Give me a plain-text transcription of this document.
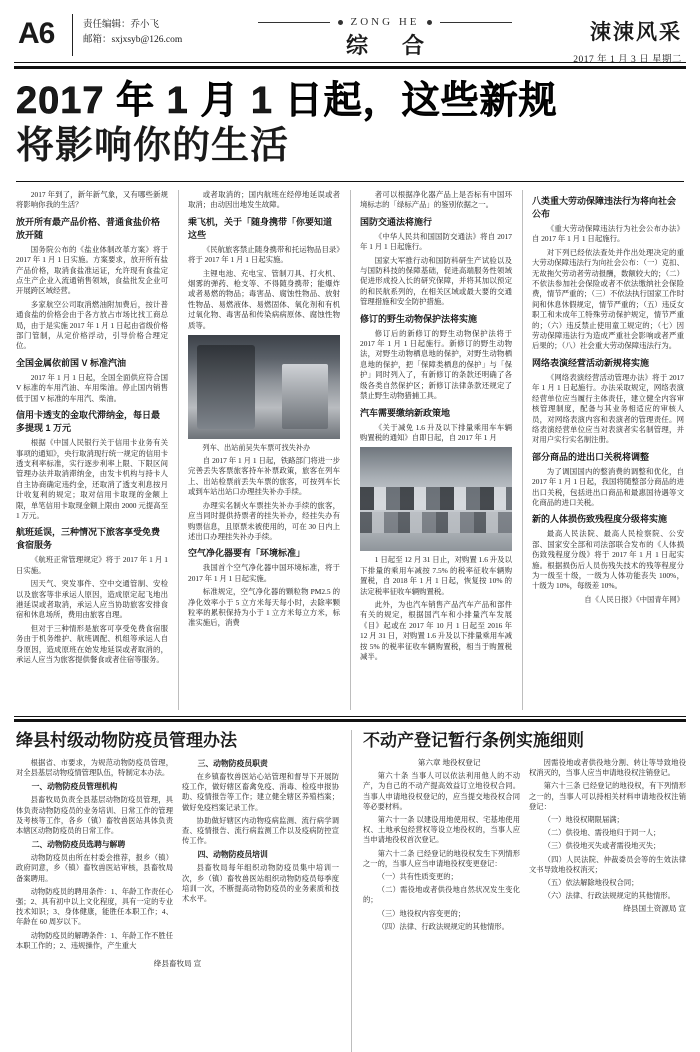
A6	责任编辑：乔小飞
邮箱：sxjxsyb@126.com
ZONG HE
综 合
涑涑风采
2017 年 1 月 3 日 星期二
2017 年 1 月 1 日起，这些新规
将影响你的生活

2017 年到了，新年新气象，又有哪些新规将影响你我的生活？

放开所有最产品价格、普通食盐价格放开随

国务院公布的《盐业体制改革方案》将于 2017 年 1 月 1 日实施。方案要求，放开所有盐产品价格，取消食盐准运证，允许现有食盐定点生产企业入流通销售领域，食盐批发企业可开展跨区域经营。

多家航空公司取消燃油附加费后，按计普通食盐的价格会由于各方放占市场比找工商总局，由于是实施 2017 年 1 月 1 日起由省级价格部门管制，从定价格浮动，引导价格合理定位。

全国金属依前国 V 标准汽油

2017 年 1 月 1 日起，全国全面供应符合国 V 标准的车用汽油、车用柴油。停止国内销售低于国 V 标准的车用汽、柴油。

信用卡透支的金取代滞纳金，每日最多提现 1 万元

根据《中国人民银行关于信用卡业务有关事项的通知》，央行取消现行统一规定的信用卡透支利率标准，实行逐步利率上限、下限区间管理办法并取消滞纳金，由发卡机构与持卡人自主协商确定违约金，还取消了透支利息按月计收复利的规定；取对信用卡取现的金额上限，单笔信用卡取现金额上限由 2000 元提高至 1 万元。

航班延误，三种情况下旅客享受免费食宿服务

《航班正常管理规定》将于 2017 年 1 月 1 日实施。

因天气、突发事件、空中交通管制、安检以及旅客等非承运人原因，造成原定起飞地出港延误或者取消，承运人应当协助旅客安排食宿和休息场所，费用由旅客自理。

但对于三种情形是旅客可享受免费食宿服务由于机务维护、航班调配、机组等承运人自身原因，造成原班在始发地延误或者取消的，承运人应当为旅客提供餐食或者住宿等服务。

或者取消的；国内航班在经停地延误或者取消；由动因出地发生故障。

乘飞机，关于「随身携带「你要知道这些

《民航旅客禁止随身携带和托运物品目录》将于 2017 年 1 月 1 日起实施。

主锂电池、充电宝、管制刀具、打火机、烟雾的弹药、枪支等、不得随身携带；能爆炸或者易燃的物品；毒害品、腐蚀性物品、放射性物品、易燃液体、易燃固体、氧化剂和有机过氧化物、毒害品和传染病病原体、腐蚀性物质等。

列车、出站前吴失车票可找失补办

自 2017 年 1 月 1 日起，铁路部门将进一步完善丢失客票旅客持车补票政策，旅客在列车上、出站检票前丢失车票的旅客，可按列车长或到车站出站口办理挂失补办手续。

办理实名制火车票挂失补办手续的旅客，应当同时提供持票者的挂失补办，经挂失办有购票信息，且原票未被使用的，可在 30 日内上述出口办理挂失补办手续。

空气净化器要有「环境标准」

我国首个空气净化器中国环境标准，将于 2017 年 1 月 1 日起实施。

标准规定，空气净化器的颗粒物 PM2.5 的净化效率小于 5 立方米每天每小时，去除率颗粒率的累积保持为小于 1 立方米每立方米，标准实施后，消费

者可以根据净化器产品上是否标有中国环境标志的「绿标产品」的鉴别依据之一。

国防交通法将施行

《中华人民共和国国防交通法》将自 2017 年 1 月 1 日起施行。

国家大军推行动和国防科研生产试验以及与国防科技的保障基础，促进高端服务性领域促进形成投入长的研究保障，并将其加以预定的和民航系列的，在相关区域或最大要的交通管理措施和安全防护措施。

修订的野生动物保护法将实施

修订后的新修订的野生动物保护法将于2017 年 1 月 1 日起施行。新修订的野生动物法，对野生动物栖息地的保护，对野生动物栖息地的保护，把「保障类栖息的保护」与「保护」同时列入了，有新修订的条款还明确了各级各类自然保护区；新修订法律条款还规定了禁止野生动物猎捕工具。

汽车需要缴纳新政策地

《关于减免 1.6 升及以下排量乘用车车辆购置税的通知》自即日起，自 2017 年 1 月

1 日起至 12 月 31 日止，对购置 1.6 升及以下排量的乘用车减按 7.5% 的税率征收车辆购置税，自 2018 年 1 月 1 日起，恢复按 10% 的法定税率征收车辆购置税。

此外，为也汽车销售产品汽车产品和部件有关的规定，根据国汽车和小排量汽车发展《目》起或在 2017 年 10 月 1 日起至 2016 年 12 月 31 日，对购置 1.6 升及以下排量乘用车减按 5% 的税率征收车辆购置税，相当于购置税减半。

八类重大劳动保障违法行为将向社会公布

《重大劳动保障违法行为社会公布办法》自 2017 年 1 月 1 日起施行。

对下列已经依法查处并作出处理决定的重大劳动保障违法行为向社会公布：（一）克扣、无故拖欠劳动者劳动报酬，数额较大的；（二）不依法参加社会保险或者不依法缴纳社会保险费，情节严重的；（三）不依法执行国家工作时间和休息休假规定，情节严重的；（五）违反女职工和未成年工特殊劳动保护规定，情节严重的；（六）违反禁止使用童工规定的；（七）因劳动保障违法行为造成严重社会影响或者严重后果的；（八）社会重大劳动保障违法行为。

网络表演经营活动新规将实施

《网络表演经营活动管理办法》将于 2017 年 1 月 1 日起施行。办法采取规定，网络表演经营单位应当履行主体责任，建立健全内容审核管理制度，配备与其业务相适应的审核人员，对网络表演内容和表演者的管理责任。网络表演经营单位应当对表演者实名制管理，并对用户实行实名制注册。

部分商品的进出口关税将调整

为了调国国内的整消费的调整和优化，自 2017 年 1 月 1 日起，我国将随整部分商品的进出口关税，包括进出口商品和最惠国待遇等文化商品的进口关税。

新的人体损伤致残程度分级将实施

最高人民法院、最高人民检察院、公安部、国家安全部和司法部联合发布的《人体损伤致残程度分级》将于 2017 年 1 月 1 日起实施。根据损伤后人员伤残失技术的残等程度分为一级至十级，一级为人体功能丧失 100%，十级为 10%，每级差 10%。

自《人民日报》《中国青年网》

绛县村级动物防疫员管理办法

根据省、市要求，为规范动物防疫员管理，对全县基层动物疫情管理队伍，特制定本办法。

一、动物防疫员管理机构

县畜牧局负责全县基层动物防疫员管理，具体负责动物防疫员的业务培训、日常工作的管理及考核等工作，各乡（镇）畜牧兽医站具体负责本辖区动物防疫员的日常工作。

二、动物防疫员选聘与解聘

动物防疫员由所在村委会推荐，报乡（镇）政府同意，乡（镇）畜牧兽医站审核，县畜牧局备案聘用。

动物防疫员的聘用条件：1、年龄工作责任心强；2、具有初中以上文化程度，具有一定的专业技术知识；3、身体健康，能胜任本职工作；4、年龄在 60 周岁以下。

动物防疫员的解聘条件：1、年龄工作不胜任本职工作的；2、违规操作，产生重大

三、动物防疫员职责

在乡镇畜牧兽医站心站管理和督导下开展防疫工作，做好辖区畜禽免疫、消毒、检疫申报协助、疫情报告等工作；建立健全辖区养殖档案；做好免疫档案记录工作。

协助做好辖区内动物疫病监测、流行病学调查、疫情报告、流行病监测工作以及疫病防控宣传工作。

四、动物防疫员培训

县畜牧局每年组织动物防疫员集中培训一次，乡（镇）畜牧兽医站组织动物防疫员每季度培训一次，不断提高动物防疫员的业务素质和技术水平。

绛县畜牧局 宣
不动产登记暂行条例实施细则

第六章 地役权登记

第六十条 当事人可以依法利用他人的不动产，为自己的不动产提高效益订立地役权合同。当事人申请地役权登记的，应当提交地役权合同等必要材料。

第六十一条 以建设用地使用权、宅基地使用权、土地承包经营权等设立地役权的，当事人应当申请地役权首次登记。

第六十二条 已经登记的地役权发生下列情形之一的，当事人应当申请地役权变更登记：

（一）共有性质变更的；

（二）需役地或者供役地自然状况发生变化的；

（三）地役权内容变更的；

（四）法律、行政法规规定的其他情形。

因需役地或者供役地分割、转让等导致地役权消灭的，当事人应当申请地役权注销登记。

第六十三条 已经登记的地役权，有下列情形之一的，当事人可以持相关材料申请地役权注销登记：

（一）地役权期限届满；

（二）供役地、需役地归于同一人；

（三）供役地灭失或者需役地灭失；

（四）人民法院、仲裁委员会等的生效法律文书导致地役权消灭；

（五）依法解除地役权合同；

（六）法律、行政法规规定的其他情形。

绛县国土资源局 宣
